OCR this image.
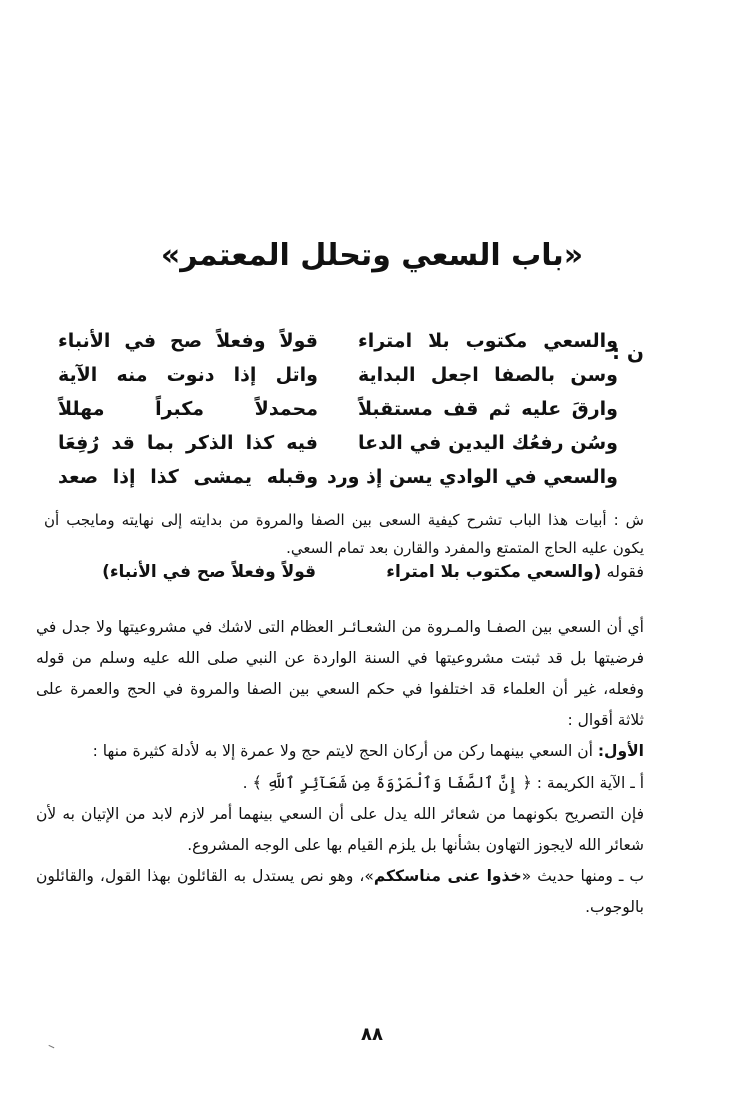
«باب السعي وتحلل المعتمر»
ن :
والسعي مكتوب بلا امتراء
قولاً وفعلاً صح في الأنباء
وسن بالصفا اجعل البداية
واتل إذا دنوت منه الآية
وارقَ عليه ثم قف مستقبلاً
محمدلاً مكبراً مهللاً
وسُن رفعُك اليدين في الدعا
فيه كذا الذكر بما قد رُفِعَا
والسعي في الوادي يسن إذ ورد
وقبله يمشى كذا إذا صعد
ش : أبيات هذا الباب تشرح كيفية السعى بين الصفا والمروة من بدايته إلى نهايته ومايجب أن يكون عليه الحاج المتمتع والمفرد والقارن بعد تمام السعي.
فقوله (والسعي مكتوب بلا امتراء  قولاً وفعلاً صح في الأنباء)

أي أن السعي بين الصفـا والمـروة من الشعـائـر العظام التى لاشك في مشروعيتها ولا جدل في فرضيتها بل قد ثبتت مشروعيتها في السنة الواردة عن النبي صلى الله عليه وسلم من قوله وفعله، غير أن العلماء قد اختلفوا في حكم السعي بين الصفا والمروة في الحج والعمرة على ثلاثة أقوال :

الأول: أن السعي بينهما ركن من أركان الحج لايتم حج ولا عمرة إلا به لأدلة كثيرة منها :

أ ـ الآية الكريمة : ﴿ إِنَّ ٱلصَّفَا وَٱلْمَرْوَةَ مِن شَعَآئِرِ ٱللَّهِ ﴾ .

فإن التصريح بكونهما من شعائر الله يدل على أن السعي بينهما أمر لازم لابد من الإتيان به لأن شعائر الله لايجوز التهاون بشأنها بل يلزم القيام بها على الوجه المشروع.

ب ـ ومنها حديث «خذوا عنى مناسككم»، وهو نص يستدل به القائلون بهذا القول، والقائلون بالوجوب.

٨٨
